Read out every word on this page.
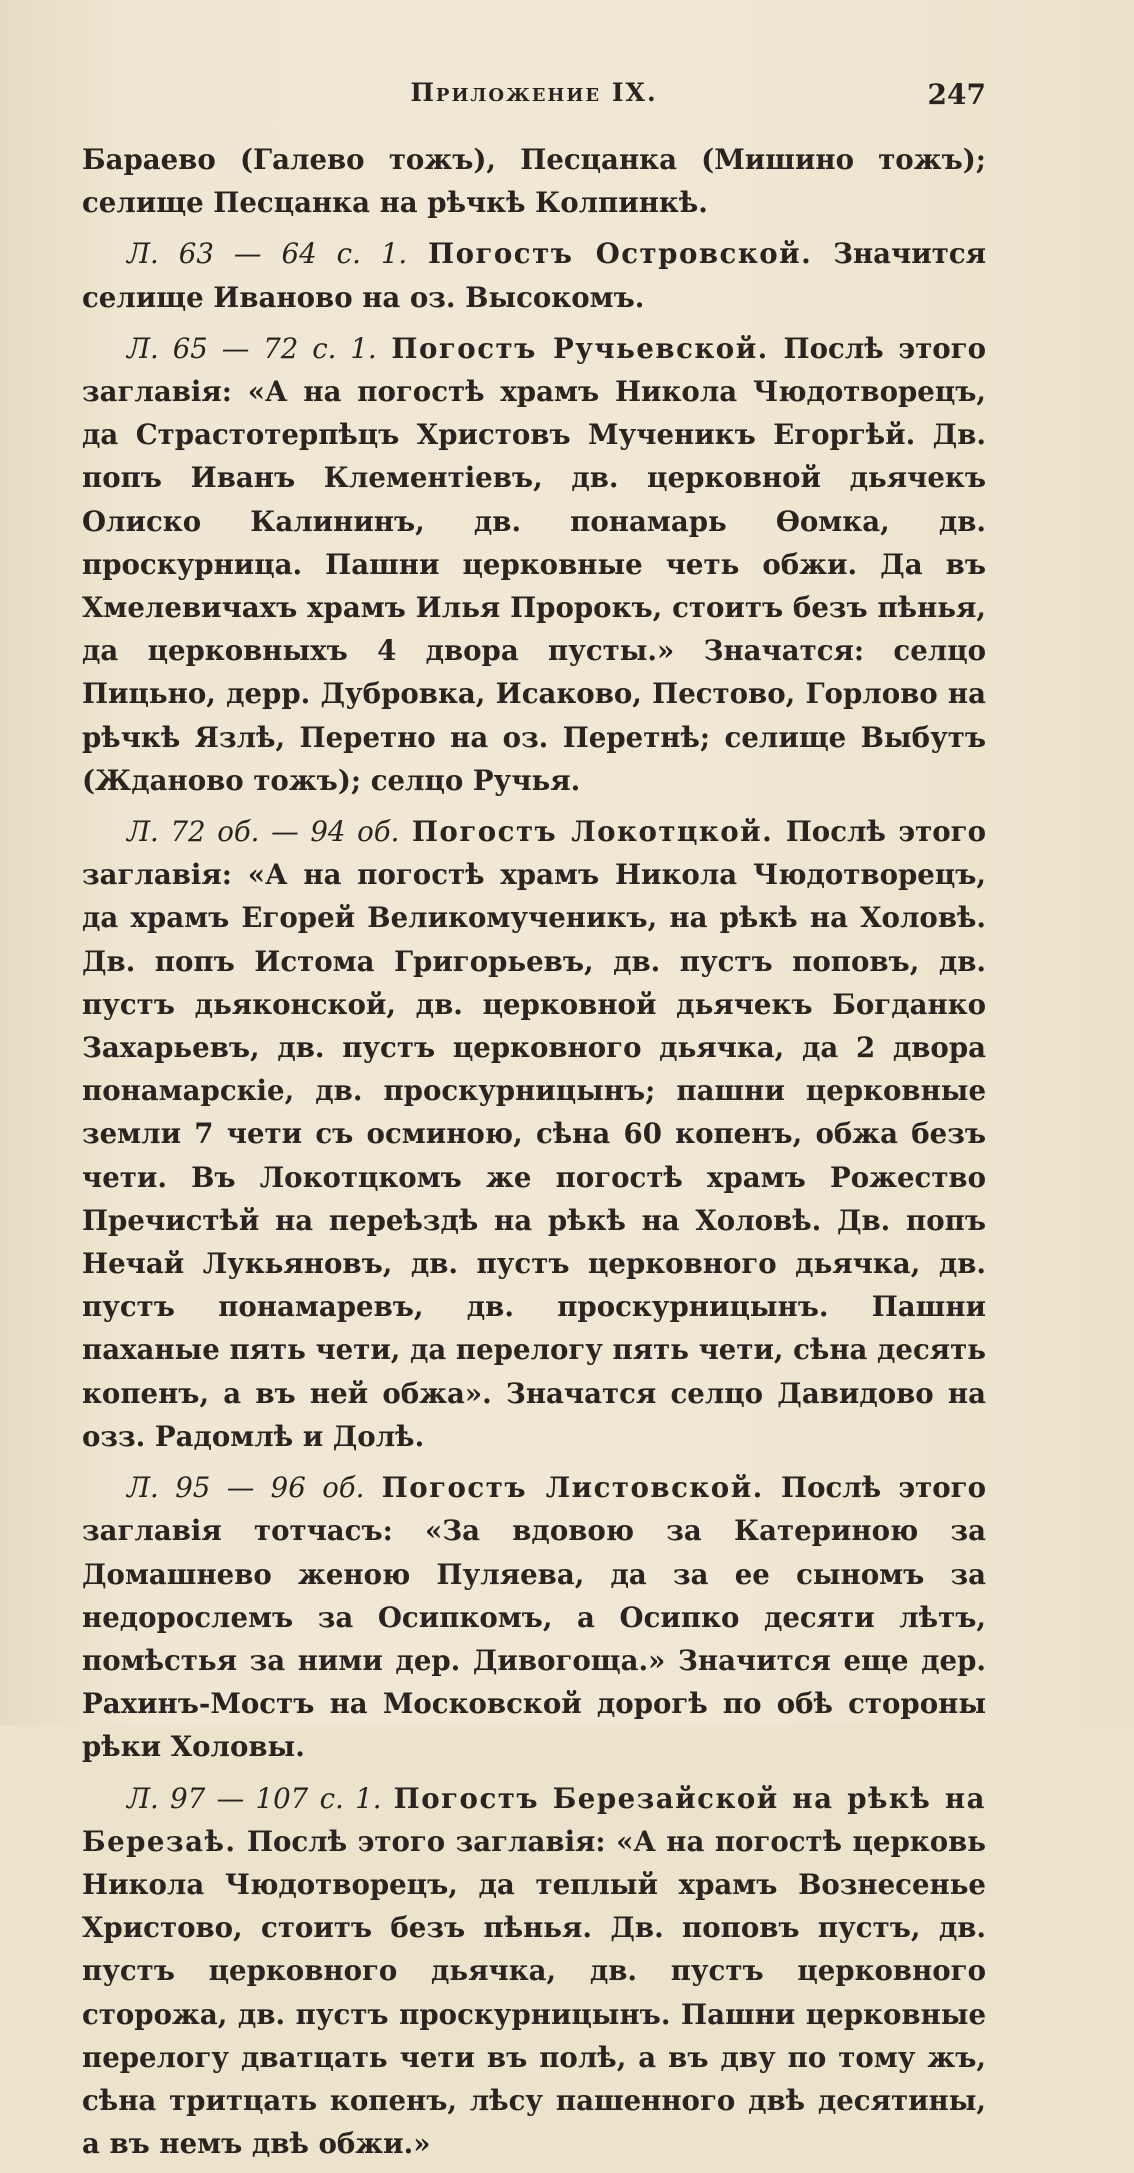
Приложение IX.	247

Бараево (Галево тожъ), Песцанка (Мишино тожъ); селище Песцанка на рѣчкѣ Колпинкѣ.

Л. 63 — 64 с. 1. Погостъ Островской. Значится селище Иваново на оз. Высокомъ.

Л. 65 — 72 с. 1. Погостъ Ручьевской. Послѣ этого заглавія: «А на погостѣ храмъ Никола Чюдотворецъ, да Страстотерпѣцъ Христовъ Мученикъ Егоргѣй. Дв. попъ Иванъ Клементіевъ, дв. церковной дьячекъ Олиско Калининъ, дв. понамарь Ѳомка, дв. проскурница. Пашни церковные четь обжи. Да въ Хмелевичахъ храмъ Илья Пророкъ, стоитъ безъ пѣнья, да церковныхъ 4 двора пусты.» Значатся: селцо Пицьно, дерр. Дубровка, Исаково, Пестово, Горлово на рѣчкѣ Язлѣ, Перетно на оз. Перетнѣ; селище Выбутъ (Жданово тожъ); селцо Ручья.

Л. 72 об. — 94 об. Погостъ Локотцкой. Послѣ этого заглавія: «А на погостѣ храмъ Никола Чюдотворецъ, да храмъ Егорей Великомученикъ, на рѣкѣ на Холовѣ. Дв. попъ Истома Григорьевъ, дв. пустъ поповъ, дв. пустъ дьяконской, дв. церковной дьячекъ Богданко Захарьевъ, дв. пустъ церковного дьячка, да 2 двора понамарскіе, дв. проскурницынъ; пашни церковные земли 7 чети съ осминою, сѣна 60 копенъ, обжа безъ чети. Въ Локотцкомъ же погостѣ храмъ Рожество Пречистѣй на переѣздѣ на рѣкѣ на Холовѣ. Дв. попъ Нечай Лукьяновъ, дв. пустъ церковного дьячка, дв. пустъ понамаревъ, дв. проскурницынъ. Пашни паханые пять чети, да перелогу пять чети, сѣна десять копенъ, а въ ней обжа». Значатся селцо Давидово на озз. Радомлѣ и Долѣ.

Л. 95 — 96 об. Погостъ Листовской. Послѣ этого заглавія тотчасъ: «За вдовою за Катериною за Домашнево женою Пуляева, да за ее сыномъ за недорослемъ за Осипкомъ, а Осипко десяти лѣтъ, помѣстья за ними дер. Дивогоща.» Значится еще дер. Рахинъ-Мостъ на Московской дорогѣ по обѣ стороны рѣки Холовы.

Л. 97 — 107 с. 1. Погостъ Березайской на рѣкѣ на Березаѣ. Послѣ этого заглавія: «А на погостѣ церковь Никола Чюдотворецъ, да теплый храмъ Вознесенье Христово, стоитъ безъ пѣнья. Дв. поповъ пустъ, дв. пустъ церковного дьячка, дв. пустъ церковного сторожа, дв. пустъ проскурницынъ. Пашни церковные перелогу дватцать чети въ полѣ, а въ дву по тому жъ, сѣна тритцать копенъ, лѣсу пашенного двѣ десятины, а въ немъ двѣ обжи.»
